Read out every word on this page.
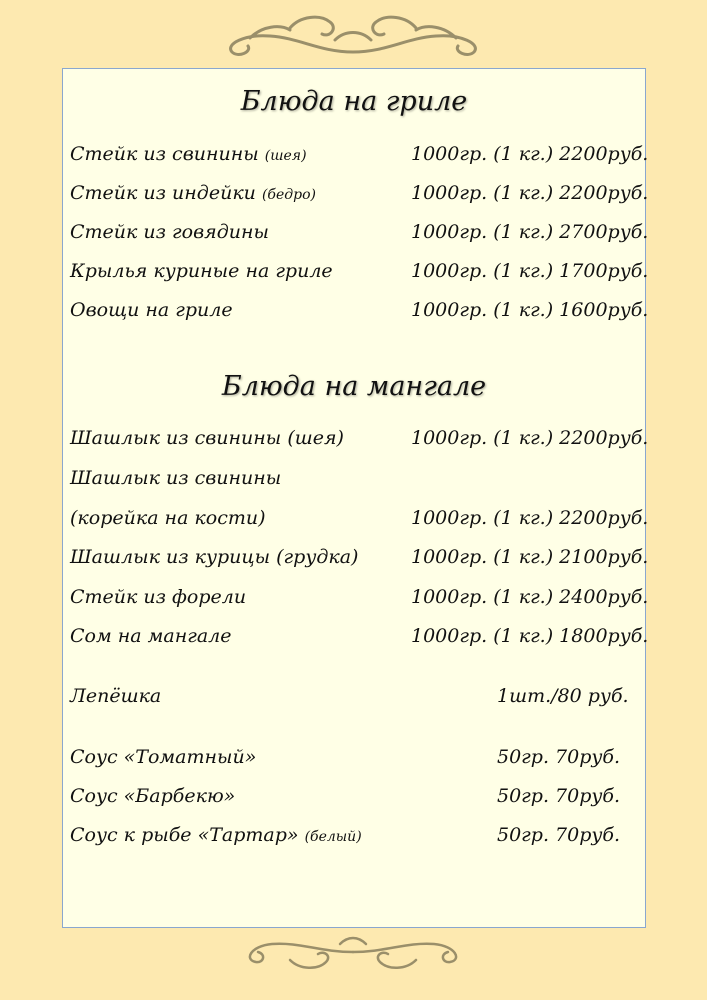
Блюда на гриле
Стейк из свинины (шея)	1000гр. (1 кг.) 2200руб.
Стейк из индейки (бедро)	1000гр. (1 кг.) 2200руб.
Стейк из говядины	1000гр. (1 кг.) 2700руб.
Крылья куриные на гриле	1000гр. (1 кг.) 1700руб.
Овощи на гриле	1000гр. (1 кг.) 1600руб.
Блюда на мангале
Шашлык из свинины (шея)	1000гр. (1 кг.) 2200руб.
Шашлык из свинины
(корейка на кости)	1000гр. (1 кг.) 2200руб.
Шашлык из курицы (грудка)	1000гр. (1 кг.) 2100руб.
Стейк из форели	1000гр. (1 кг.) 2400руб.
Сом на мангале	1000гр. (1 кг.) 1800руб.
Лепёшка	1шт./80 руб.
Соус «Томатный»	50гр. 70руб.
Соус «Барбекю»	50гр. 70руб.
Соус к рыбе «Тартар» (белый)	50гр. 70руб.
